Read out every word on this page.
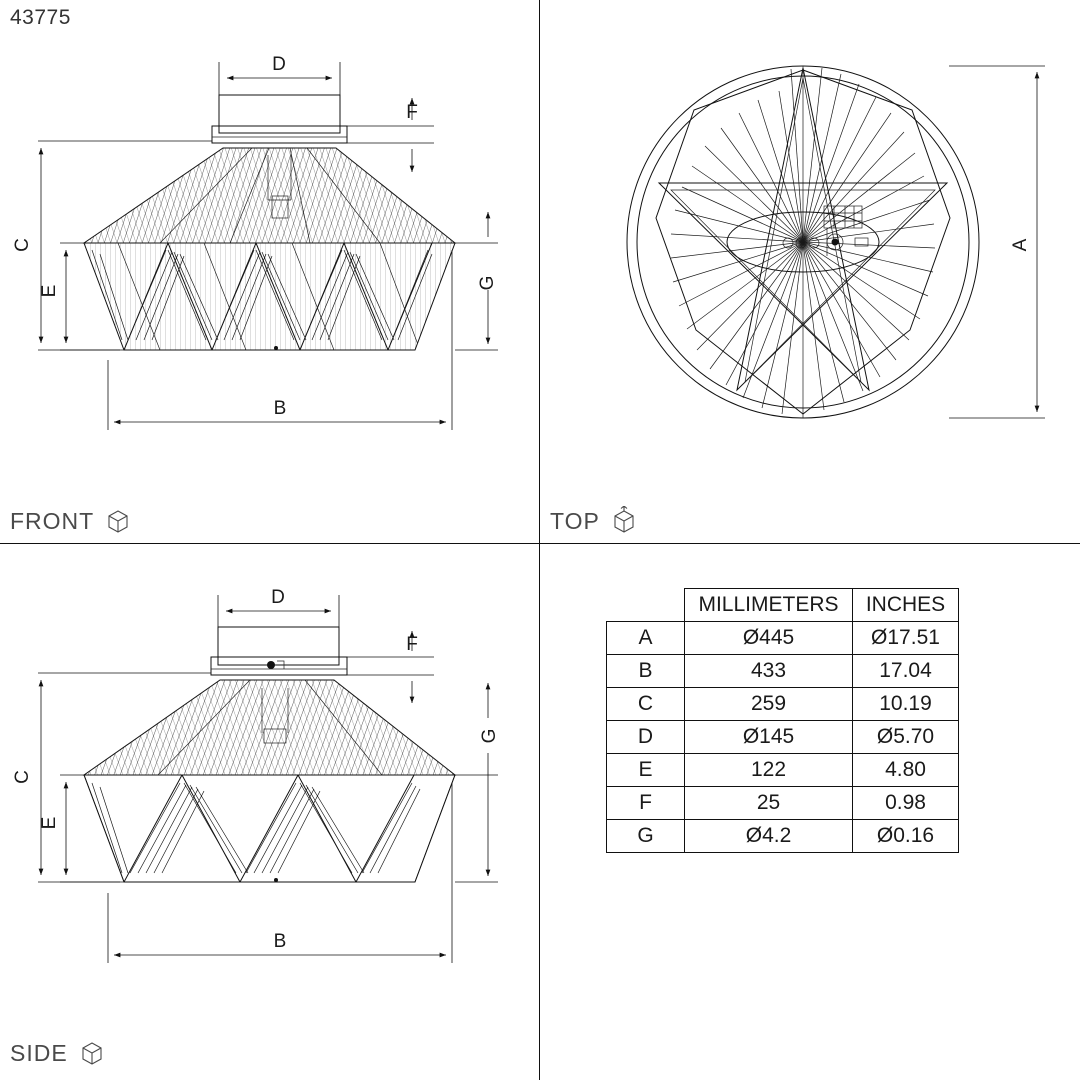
43775
D
F
C
E
G
B
A
D
F
C
E
G
B
FRONT	TOP
SIDE
	MILLIMETERS	INCHES
A	Ø445	Ø17.51
B	433	17.04
C	259	10.19
D	Ø145	Ø5.70
E	122	4.80
F	25	0.98
G	Ø4.2	Ø0.16
